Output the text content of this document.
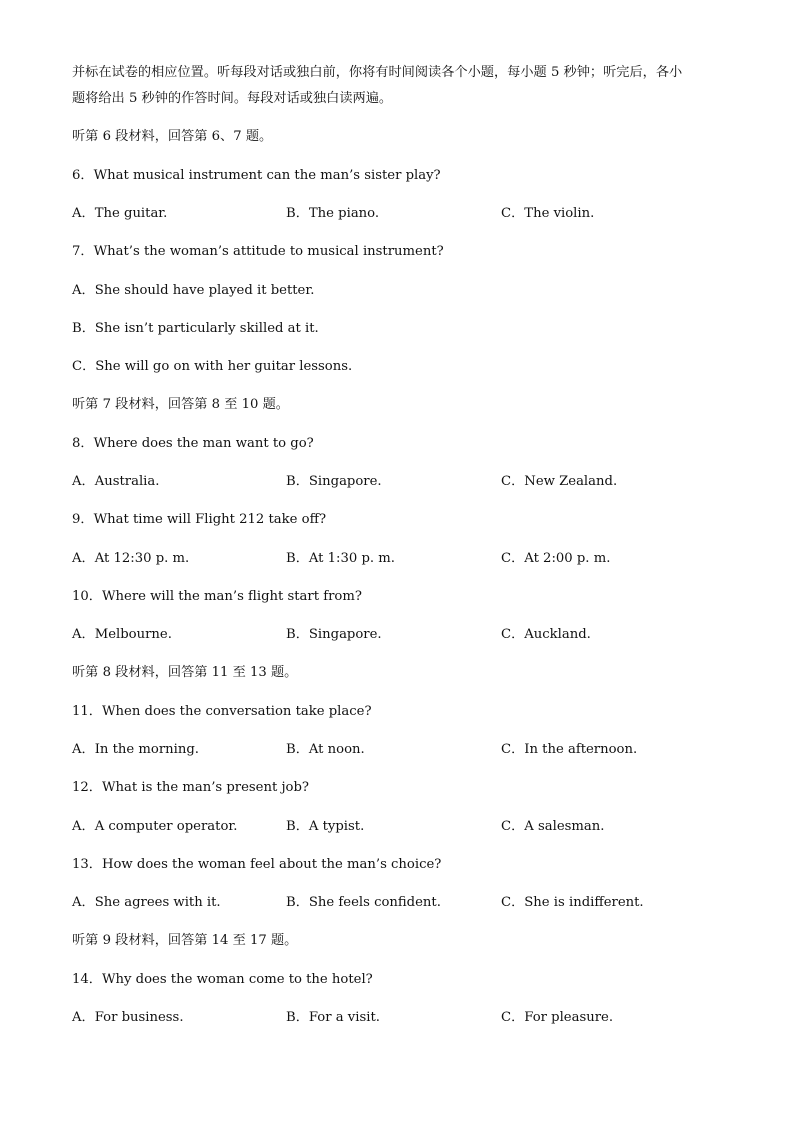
并标在试卷的相应位置。听每段对话或独白前，你将有时间阅读各个小题，每小题 5 秒钟；听完后，各小
题将给出 5 秒钟的作答时间。每段对话或独白读两遍。
听第 6 段材料，回答第 6、7 题。
6．What musical instrument can the man’s sister play?
A．The guitar.	B．The piano.	C．The violin.
7．What’s the woman’s attitude to musical instrument?
A．She should have played it better.
B．She isn’t particularly skilled at it.
C．She will go on with her guitar lessons.
听第 7 段材料，回答第 8 至 10 题。
8．Where does the man want to go?
A．Australia.	B．Singapore.	C．New Zealand.
9．What time will Flight 212 take off?
A．At 12:30 p. m.	B．At 1:30 p. m.	C．At 2:00 p. m.
10．Where will the man’s flight start from?
A．Melbourne.	B．Singapore.	C．Auckland.
听第 8 段材料，回答第 11 至 13 题。
11．When does the conversation take place?
A．In the morning.	B．At noon.	C．In the afternoon.
12．What is the man’s present job?
A．A computer operator.	B．A typist.	C．A salesman.
13．How does the woman feel about the man’s choice?
A．She agrees with it.	B．She feels confident.	C．She is indifferent.
听第 9 段材料，回答第 14 至 17 题。
14．Why does the woman come to the hotel?
A．For business.	B．For a visit.	C．For pleasure.
